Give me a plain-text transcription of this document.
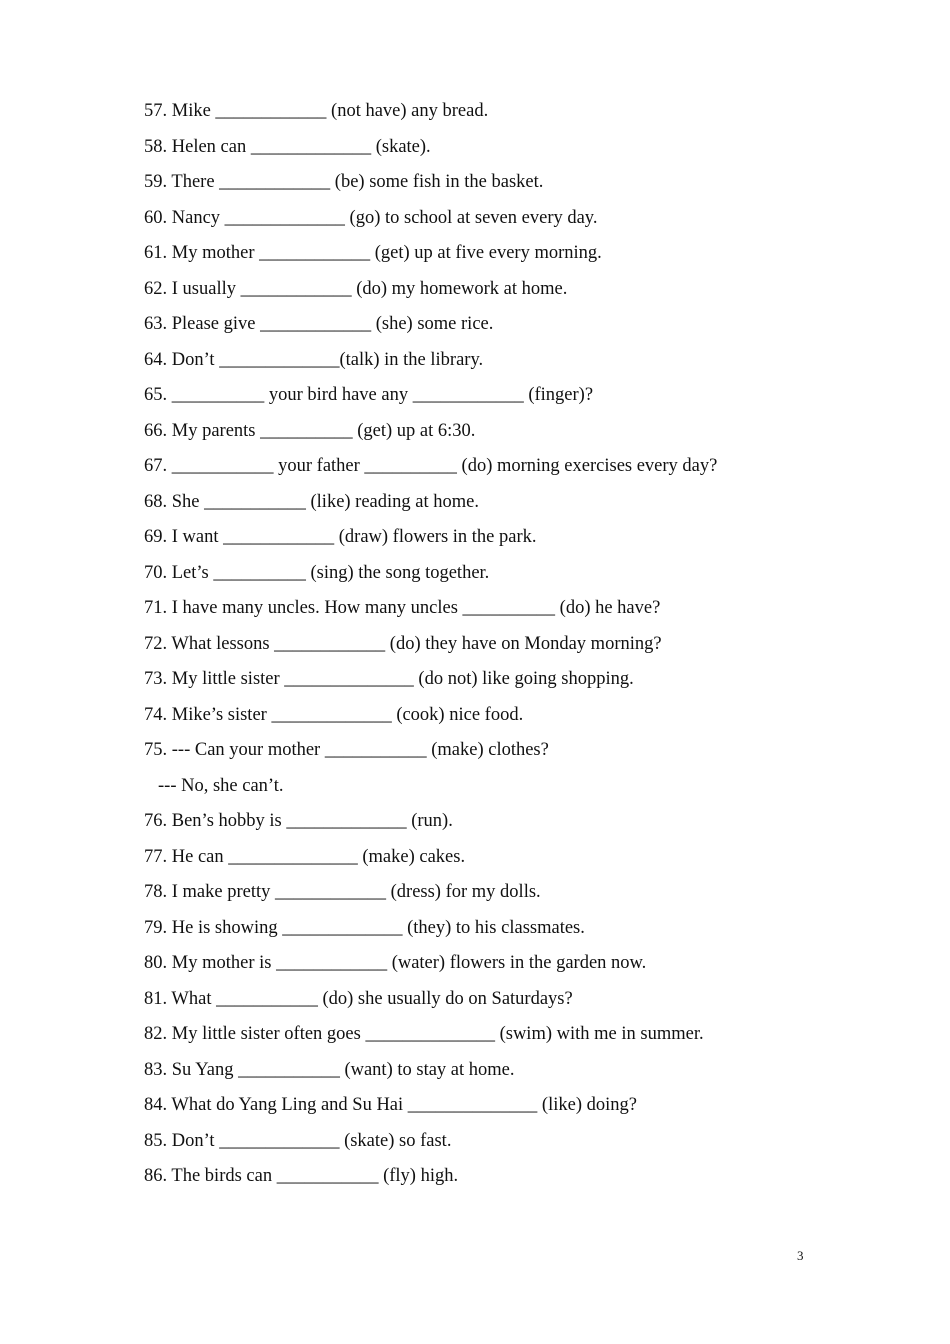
57. Mike ____________ (not have) any bread.
58. Helen can _____________ (skate).
59. There ____________ (be) some fish in the basket.
60. Nancy _____________ (go) to school at seven every day.
61. My mother ____________ (get) up at five every morning.
62. I usually ____________ (do) my homework at home.
63. Please give ____________ (she) some rice.
64. Don’t _____________(talk) in the library.
65. __________ your bird have any ____________ (finger)?
66. My parents __________ (get) up at 6:30.
67. ___________ your father __________ (do) morning exercises every day?
68. She ___________ (like) reading at home.
69. I want ____________ (draw) flowers in the park.
70. Let’s __________ (sing) the song together.
71. I have many uncles. How many uncles __________ (do) he have?
72. What lessons ____________ (do) they have on Monday morning?
73. My little sister ______________ (do not) like going shopping.
74. Mike’s sister _____________ (cook) nice food.
75. --- Can your mother ___________ (make) clothes?
--- No, she can’t.
76. Ben’s hobby is _____________ (run).
77. He can ______________ (make) cakes.
78. I make pretty ____________ (dress) for my dolls.
79. He is showing _____________ (they) to his classmates.
80. My mother is ____________ (water) flowers in the garden now.
81. What ___________ (do) she usually do on Saturdays?
82. My little sister often goes ______________ (swim) with me in summer.
83. Su Yang ___________ (want) to stay at home.
84. What do Yang Ling and Su Hai ______________ (like) doing?
85. Don’t _____________ (skate) so fast.
86. The birds can ___________ (fly) high.
3
